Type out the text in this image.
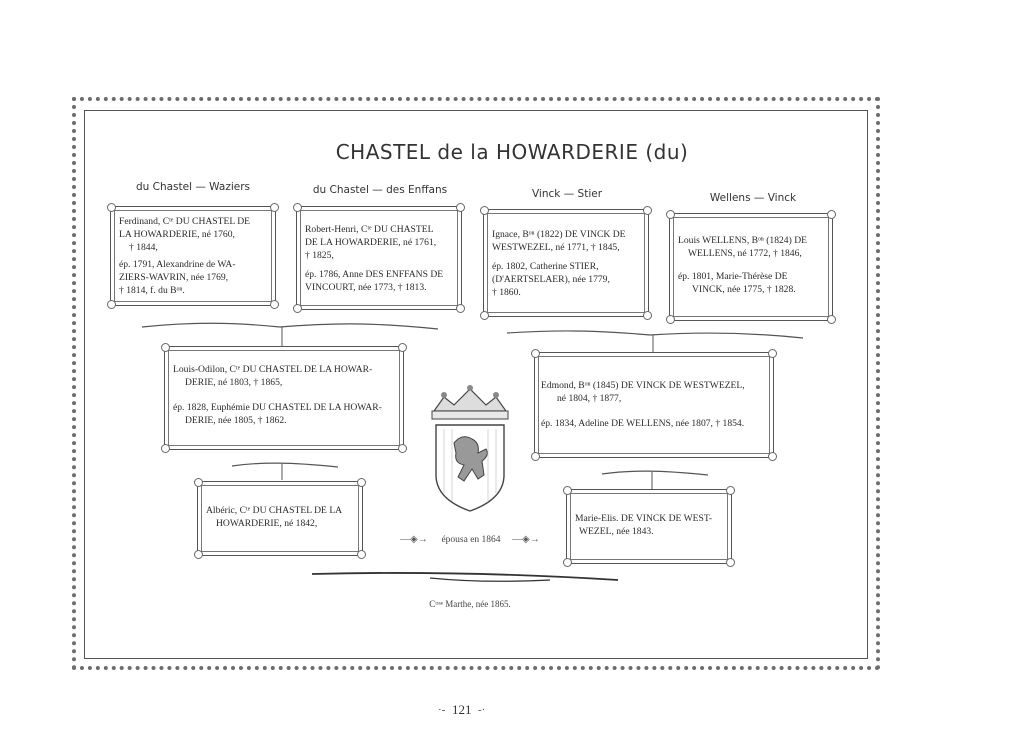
CHASTEL de la HOWARDERIE (du)
du Chastel — Waziers	du Chastel — des Enffans	Vinck — Stier	Wellens — Vinck

Ferdinand, Cᵗᵉ DU CHASTEL DE

LA HOWARDERIE, né 1760,

† 1844,

ép. 1791, Alexandrine de WA-

ZIERS-WAVRIN, née 1769,

† 1814, f. du Bᵒⁿ.

Robert-Henri, Cᵗᵉ DU CHASTEL

DE LA HOWARDERIE, né 1761,

† 1825,

ép. 1786, Anne DES ENFFANS DE

VINCOURT, née 1773, † 1813.

Ignace, Bᵒⁿ (1822) DE VINCK DE

WESTWEZEL, né 1771, † 1845,

ép. 1802, Catherine STIER,

(D'AERTSELAER), née 1779,

† 1860.

Louis WELLENS, Bᵒⁿ (1824) DE

WELLENS, né 1772, † 1846,

ép. 1801, Marie-Thérèse DE

VINCK, née 1775, † 1828.

Louis-Odilon, Cᵗᵉ DU CHASTEL DE LA HOWAR-

DERIE, né 1803, † 1865,

ép. 1828, Euphémie DU CHASTEL DE LA HOWAR-

DERIE, née 1805, † 1862.

Edmond, Bᵒⁿ (1845) DE VINCK DE WESTWEZEL,

né 1804, † 1877,

ép. 1834, Adeline DE WELLENS, née 1807, † 1854.

Albéric, Cᵗᵉ DU CHASTEL DE LA

HOWARDERIE, né 1842,	Marie-Elis. DE VINCK DE WEST-

WEZEL, née 1843.

—◈→	épousa en 1864	—◈→
Cᵗˢˢᵉ Marthe, née 1865.
·- 121 -·
